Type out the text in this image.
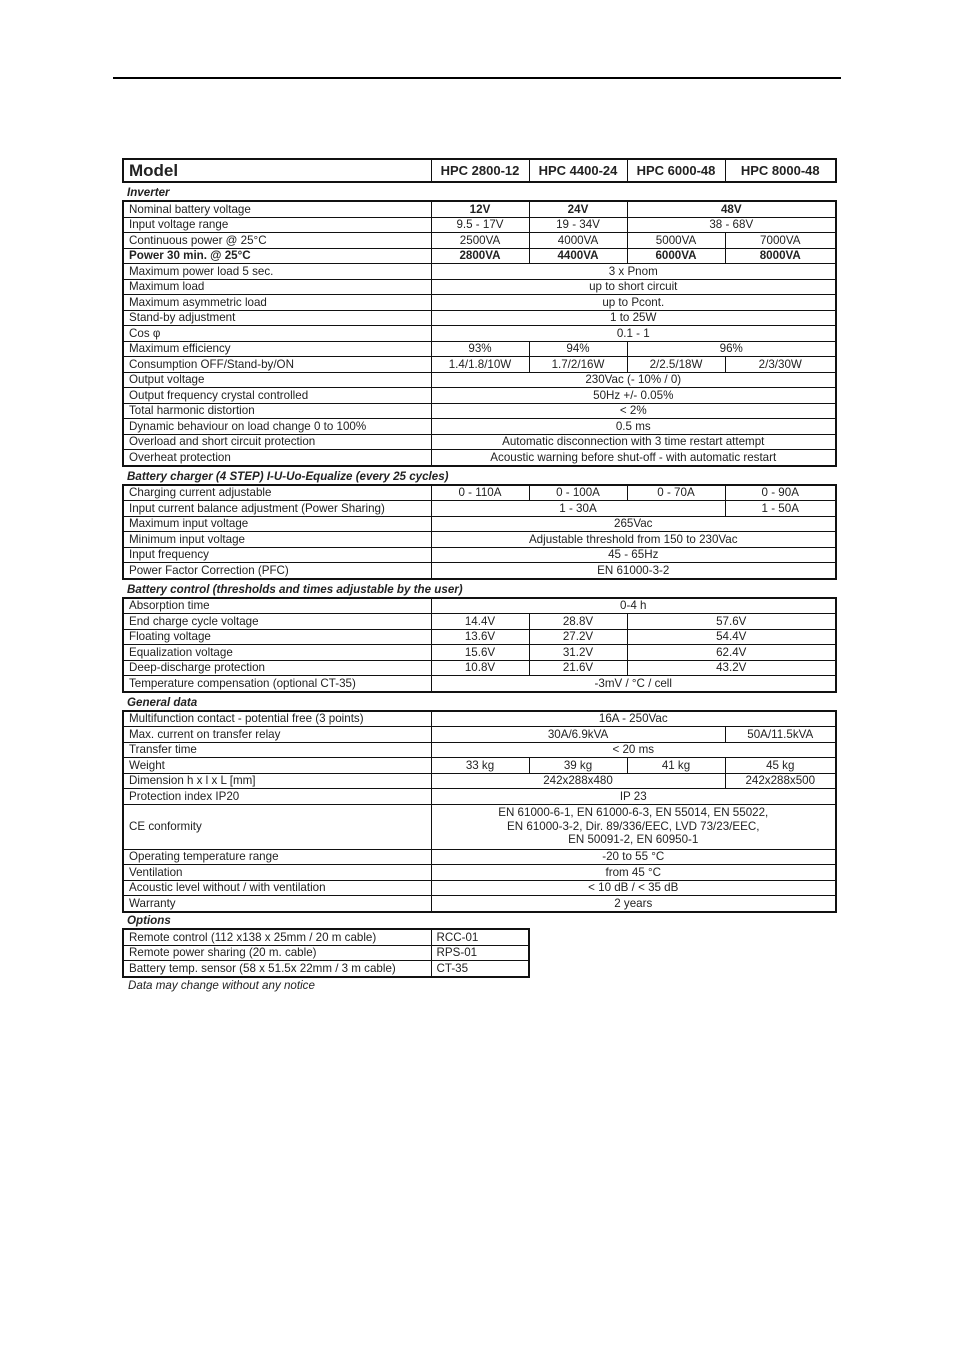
Model	HPC 2800-12	HPC 4400-24	HPC 6000-48	HPC 8000-48
Inverter
Nominal battery voltage	12V	24V	48V	
Input voltage range	9.5 - 17V	19 - 34V	38 - 68V	
Continuous power @ 25°C	2500VA	4000VA	5000VA	7000VA
Power 30 min. @ 25°C	2800VA	4400VA	6000VA	8000VA
Maximum power load 5 sec.	3 x Pnom			
Maximum load	up to short circuit			
Maximum asymmetric load	up to Pcont.			
Stand-by adjustment	1 to 25W			
Cos φ	0.1 - 1			
Maximum efficiency	93%	94%	96%	
Consumption OFF/Stand-by/ON	1.4/1.8/10W	1.7/2/16W	2/2.5/18W	2/3/30W
Output voltage	230Vac (- 10% / 0)			
Output frequency crystal controlled	50Hz +/- 0.05%			
Total harmonic distortion	< 2%			
Dynamic behaviour on load change 0 to 100%	0.5 ms			
Overload and short circuit protection	Automatic disconnection with 3 time restart attempt			
Overheat protection	Acoustic warning before shut-off - with automatic restart			
Battery charger (4 STEP) I-U-Uo-Equalize (every 25 cycles)
Charging current adjustable	0 - 110A	0 - 100A	0 - 70A	0 - 90A
Input current balance adjustment (Power Sharing)	1 - 30A			1 - 50A
Maximum input voltage	265Vac			
Minimum input voltage	Adjustable threshold from 150 to 230Vac			
Input frequency	45 - 65Hz			
Power Factor Correction (PFC)	EN 61000-3-2			
Battery control (thresholds and times adjustable by the user)
Absorption time	0-4 h		
End charge cycle voltage	14.4V	28.8V	57.6V
Floating voltage	13.6V	27.2V	54.4V
Equalization voltage	15.6V	31.2V	62.4V
Deep-discharge protection	10.8V	21.6V	43.2V
Temperature compensation (optional CT-35)	-3mV / °C / cell		
General data
Multifunction contact - potential free (3 points)	16A - 250Vac			
Max. current on transfer relay	30A/6.9kVA			50A/11.5kVA
Transfer time	< 20 ms			
Weight	33 kg	39 kg	41 kg	45 kg
Dimension h x l x L [mm]	242x288x480			242x288x500
Protection index IP20	IP 23			
CE conformity	EN 61000-6-1, EN 61000-6-3, EN 55014, EN 55022,
EN 61000-3-2, Dir. 89/336/EEC, LVD 73/23/EEC,
EN 50091-2, EN 60950-1			

Operating temperature range	-20 to 55 °C			
Ventilation	from 45 °C			
Acoustic level without / with ventilation	< 10 dB / < 35 dB			
Warranty	2 years			
Options
Remote control (112 x138 x 25mm / 20 m cable)	RCC-01
Remote power sharing (20 m. cable)	RPS-01
Battery temp. sensor (58 x 51.5x 22mm / 3 m cable)	CT-35
Data may change without any notice
